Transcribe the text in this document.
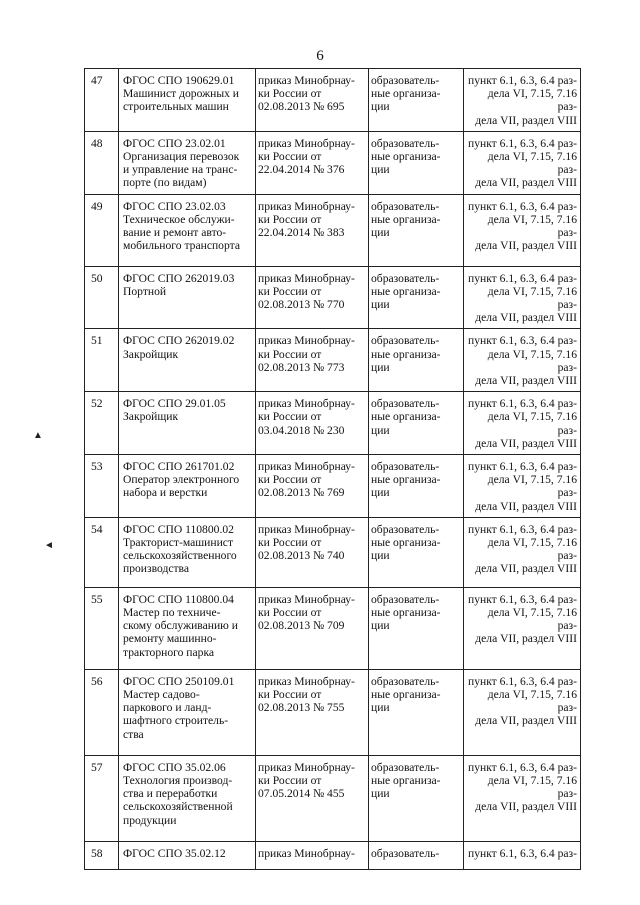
6
▲
◄
47	ФГОС СПО 190629.01
Машинист дорожных и
строительных машин	приказ Минобрнау-
ки России от
02.08.2013 № 695	образователь-
ные организа-
ции	пункт 6.1, 6.3, 6.4 раз-
дела VI, 7.15, 7.16 раз-
дела VII, раздел VIII
48	ФГОС СПО 23.02.01
Организация перевозок
и управление на транс-
порте (по видам)	приказ Минобрнау-
ки России от
22.04.2014 № 376	образователь-
ные организа-
ции	пункт 6.1, 6.3, 6.4 раз-
дела VI, 7.15, 7.16 раз-
дела VII, раздел VIII
49	ФГОС СПО 23.02.03
Техническое обслужи-
вание и ремонт авто-
мобильного транспорта	приказ Минобрнау-
ки России от
22.04.2014 № 383	образователь-
ные организа-
ции	пункт 6.1, 6.3, 6.4 раз-
дела VI, 7.15, 7.16 раз-
дела VII, раздел VIII
50	ФГОС СПО 262019.03
Портной	приказ Минобрнау-
ки России от
02.08.2013 № 770	образователь-
ные организа-
ции	пункт 6.1, 6.3, 6.4 раз-
дела VI, 7.15, 7.16 раз-
дела VII, раздел VIII
51	ФГОС СПО 262019.02
Закройщик	приказ Минобрнау-
ки России от
02.08.2013 № 773	образователь-
ные организа-
ции	пункт 6.1, 6.3, 6.4 раз-
дела VI, 7.15, 7.16 раз-
дела VII, раздел VIII
52	ФГОС СПО 29.01.05
Закройщик	приказ Минобрнау-
ки России от
03.04.2018 № 230	образователь-
ные организа-
ции	пункт 6.1, 6.3, 6.4 раз-
дела VI, 7.15, 7.16 раз-
дела VII, раздел VIII
53	ФГОС СПО 261701.02
Оператор электронного
набора и верстки	приказ Минобрнау-
ки России от
02.08.2013 № 769	образователь-
ные организа-
ции	пункт 6.1, 6.3, 6.4 раз-
дела VI, 7.15, 7.16 раз-
дела VII, раздел VIII
54	ФГОС СПО 110800.02
Тракторист-машинист
сельскохозяйственного
производства	приказ Минобрнау-
ки России от
02.08.2013 № 740	образователь-
ные организа-
ции	пункт 6.1, 6.3, 6.4 раз-
дела VI, 7.15, 7.16 раз-
дела VII, раздел VIII
55	ФГОС СПО 110800.04
Мастер по техниче-
скому обслуживанию и
ремонту машинно-
тракторного парка	приказ Минобрнау-
ки России от
02.08.2013 № 709	образователь-
ные организа-
ции	пункт 6.1, 6.3, 6.4 раз-
дела VI, 7.15, 7.16 раз-
дела VII, раздел VIII
56	ФГОС СПО 250109.01
Мастер садово-
паркового и ланд-
шафтного строитель-
ства	приказ Минобрнау-
ки России от
02.08.2013 № 755	образователь-
ные организа-
ции	пункт 6.1, 6.3, 6.4 раз-
дела VI, 7.15, 7.16 раз-
дела VII, раздел VIII
57	ФГОС СПО 35.02.06
Технология производ-
ства и переработки
сельскохозяйственной
продукции	приказ Минобрнау-
ки России от
07.05.2014 № 455	образователь-
ные организа-
ции	пункт 6.1, 6.3, 6.4 раз-
дела VI, 7.15, 7.16 раз-
дела VII, раздел VIII
58	ФГОС СПО 35.02.12	приказ Минобрнау-	образователь-	пункт 6.1, 6.3, 6.4 раз-
